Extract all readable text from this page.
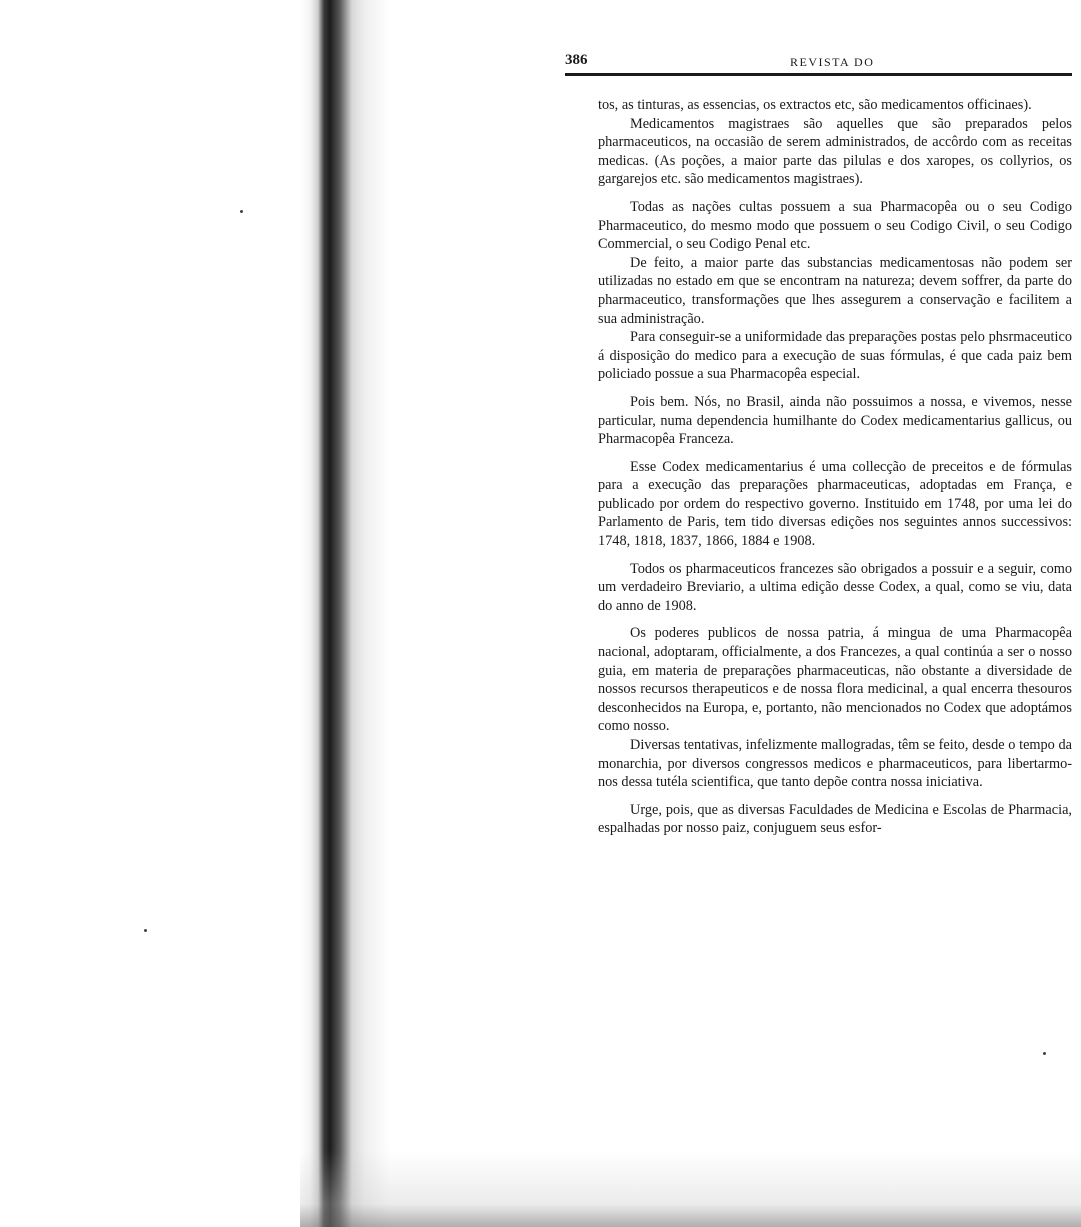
386	REVISTA DO

tos, as tinturas, as essencias, os extractos etc, são medicamentos officinaes).

Medicamentos magistraes são aquelles que são preparados pelos pharmaceuticos, na occasião de serem administrados, de accôrdo com as receitas medicas. (As poções, a maior parte das pilulas e dos xaropes, os collyrios, os gargarejos etc. são medicamentos magistraes).

Todas as nações cultas possuem a sua Pharmacopêa ou o seu Codigo Pharmaceutico, do mesmo modo que possuem o seu Codigo Civil, o seu Codigo Commercial, o seu Codigo Penal etc.

De feito, a maior parte das substancias medicamentosas não podem ser utilizadas no estado em que se encontram na natureza; devem soffrer, da parte do pharmaceutico, transformações que lhes assegurem a conservação e facilitem a sua administração.

Para conseguir-se a uniformidade das preparações postas pelo phsrmaceutico á disposição do medico para a execução de suas fórmulas, é que cada paiz bem policiado possue a sua Pharmacopêa especial.

Pois bem. Nós, no Brasil, ainda não possuimos a nossa, e vivemos, nesse particular, numa dependencia humilhante do Codex medicamentarius gallicus, ou Pharmacopêa Franceza.

Esse Codex medicamentarius é uma collecção de preceitos e de fórmulas para a execução das preparações pharmaceuticas, adoptadas em França, e publicado por ordem do respectivo governo. Instituido em 1748, por uma lei do Parlamento de Paris, tem tido diversas edições nos seguintes annos successivos: 1748, 1818, 1837, 1866, 1884 e 1908.

Todos os pharmaceuticos francezes são obrigados a possuir e a seguir, como um verdadeiro Breviario, a ultima edição desse Codex, a qual, como se viu, data do anno de 1908.

Os poderes publicos de nossa patria, á mingua de uma Pharmacopêa nacional, adoptaram, officialmente, a dos Francezes, a qual continúa a ser o nosso guia, em materia de preparações pharmaceuticas, não obstante a diversidade de nossos recursos therapeuticos e de nossa flora medicinal, a qual encerra thesouros desconhecidos na Europa, e, portanto, não mencionados no Codex que adoptámos como nosso.

Diversas tentativas, infelizmente mallogradas, têm se feito, desde o tempo da monarchia, por diversos congressos medicos e pharmaceuticos, para libertarmo-nos dessa tutéla scientifica, que tanto depõe contra nossa iniciativa.

Urge, pois, que as diversas Faculdades de Medicina e Escolas de Pharmacia, espalhadas por nosso paiz, conjuguem seus esfor-
